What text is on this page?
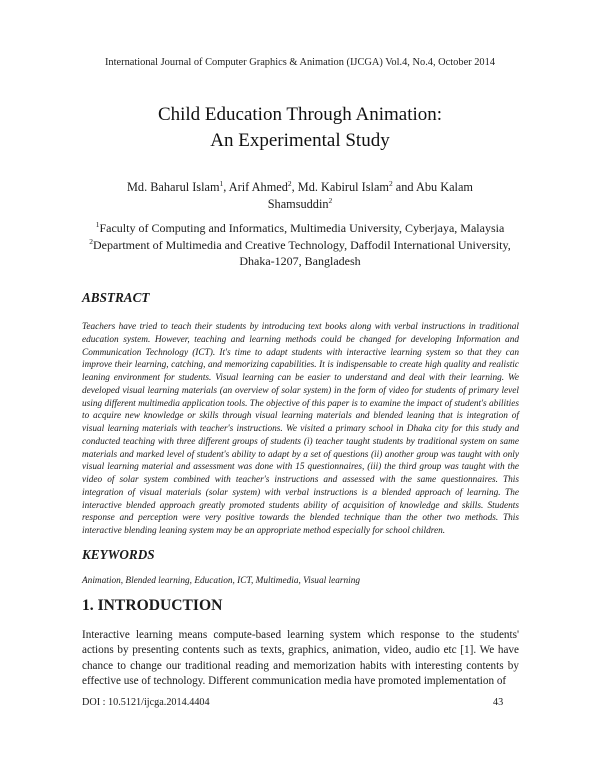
International Journal of Computer Graphics & Animation (IJCGA) Vol.4, No.4, October 2014
Child Education Through Animation:
An Experimental Study
Md. Baharul Islam$^1$, Arif Ahmed$^2$, Md. Kabirul Islam$^2$ and Abu Kalam Shamsuddin$^2$
$^1$Faculty of Computing and Informatics, Multimedia University, Cyberjaya, Malaysia
$^2$Department of Multimedia and Creative Technology, Daffodil International University,
Dhaka-1207, Bangladesh
ABSTRACT

Teachers have tried to teach their students by introducing text books along with verbal instructions in traditional education system. However, teaching and learning methods could be changed for developing Information and Communication Technology (ICT). It's time to adapt students with interactive learning system so that they can improve their learning, catching, and memorizing capabilities. It is indispensable to create high quality and realistic leaning environment for students. Visual learning can be easier to understand and deal with their learning. We developed visual learning materials (an overview of solar system) in the form of video for students of primary level using different multimedia application tools. The objective of this paper is to examine the impact of student's abilities to acquire new knowledge or skills through visual learning materials and blended leaning that is integration of visual learning materials with teacher's instructions. We visited a primary school in Dhaka city for this study and conducted teaching with three different groups of students (i) teacher taught students by traditional system on same materials and marked level of student's ability to adapt by a set of questions (ii) another group was taught with only visual learning material and assessment was done with 15 questionnaires, (iii) the third group was taught with the video of solar system combined with teacher's instructions and assessed with the same questionnaires. This integration of visual materials (solar system) with verbal instructions is a blended approach of learning. The interactive blended approach greatly promoted students ability of acquisition of knowledge and skills. Students response and perception were very positive towards the blended technique than the other two methods. This interactive blending leaning system may be an appropriate method especially for school children.

KEYWORDS

Animation, Blended learning, Education, ICT, Multimedia, Visual learning

1. INTRODUCTION

Interactive learning means compute-based learning system which response to the students' actions by presenting contents such as texts, graphics, animation, video, audio etc [1]. We have chance to change our traditional reading and memorization habits with interesting contents by effective use of technology. Different communication media have promoted implementation of

DOI : 10.5121/ijcga.2014.4404	43
